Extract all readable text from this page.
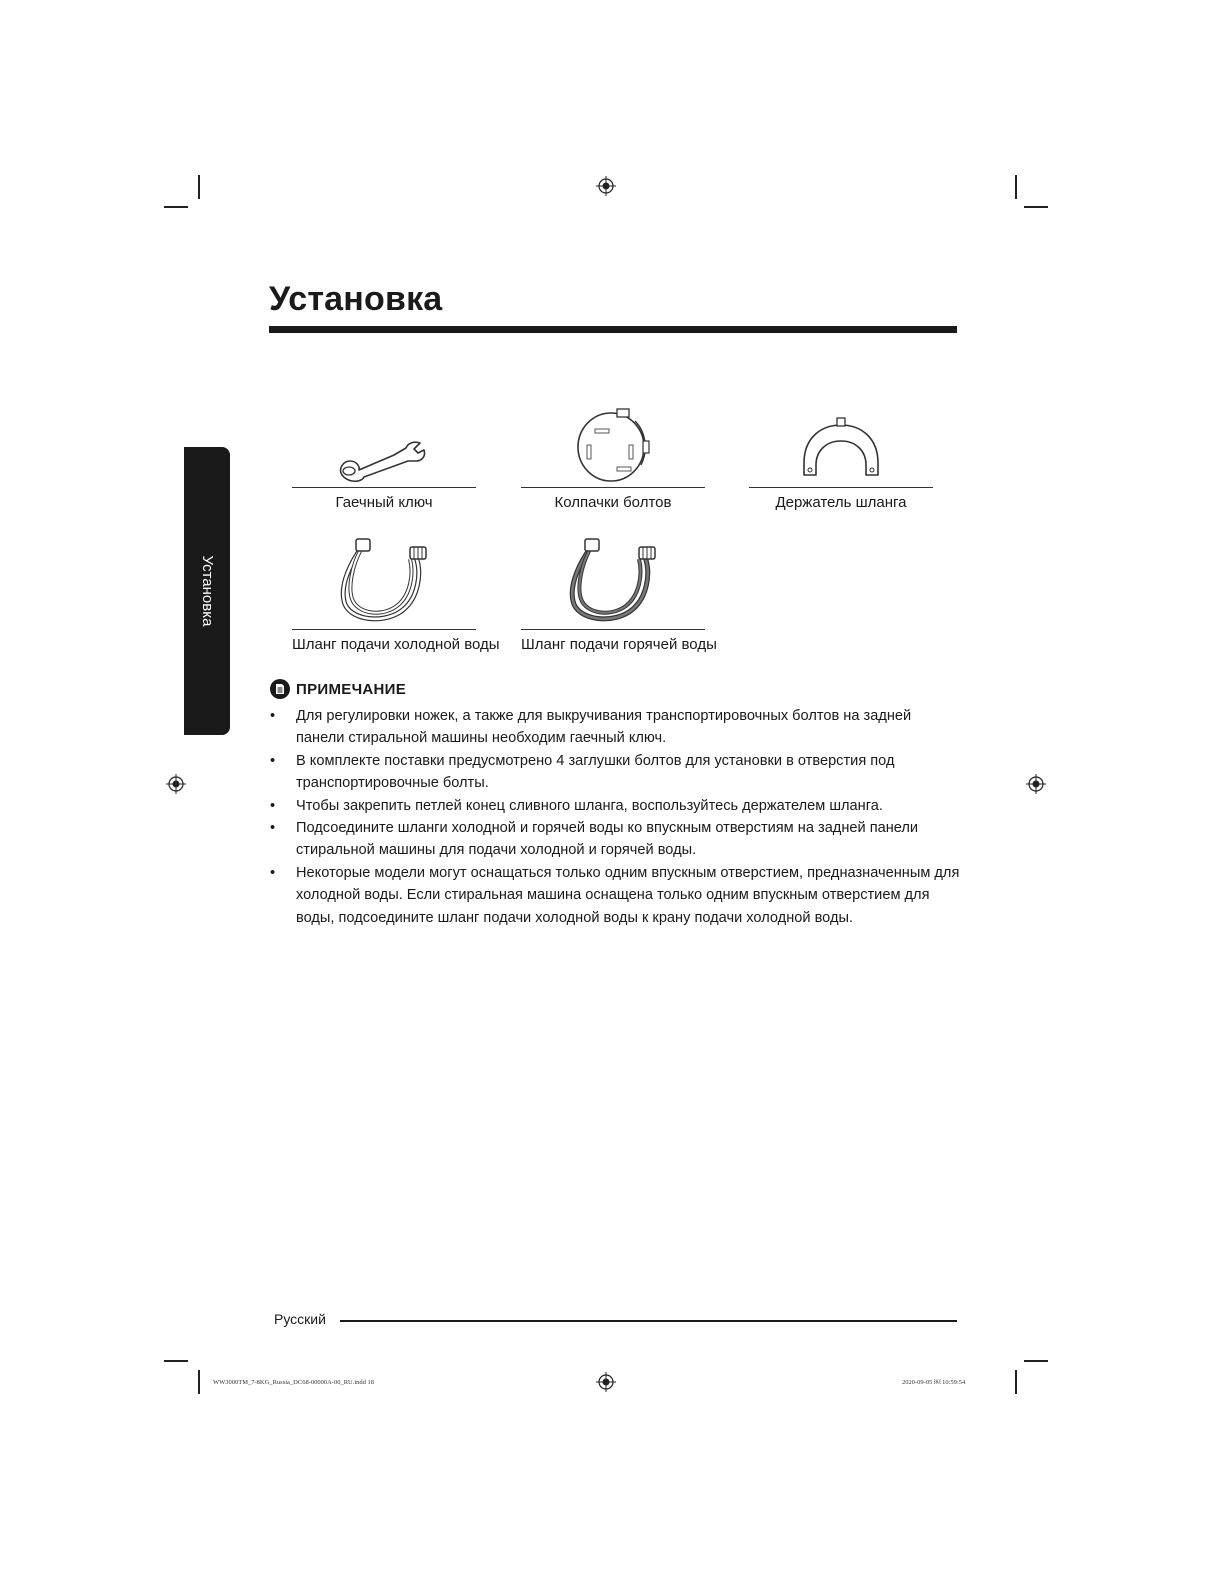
Установка
Установка
Гаечный ключ	Колпачки болтов	Держатель шланга
Шланг подачи холодной воды Шланг подачи горячей воды
ПРИМЕЧАНИЕ
• Для регулировки ножек, а также для выкручивания транспортировочных болтов на задней панели стиральной машины необходим гаечный ключ.
• В комплекте поставки предусмотрено 4 заглушки болтов для установки в отверстия под транспортировочные болты.
• Чтобы закрепить петлей конец сливного шланга, воспользуйтесь держателем шланга.
• Подсоедините шланги холодной и горячей воды ко впускным отверстиям на задней панели стиральной машины для подачи холодной и горячей воды.
• Некоторые модели могут оснащаться только одним впускным отверстием, предназначенным для холодной воды. Если стиральная машина оснащена только одним впускным отверстием для воды, подсоедините шланг подачи холодной воды к крану подачи холодной воды.
Русский
WW3000TM_7-8KG_Russia_DC68-00000A-00_RU.indd 18	2020-09-05 ￼ 10:59:54
